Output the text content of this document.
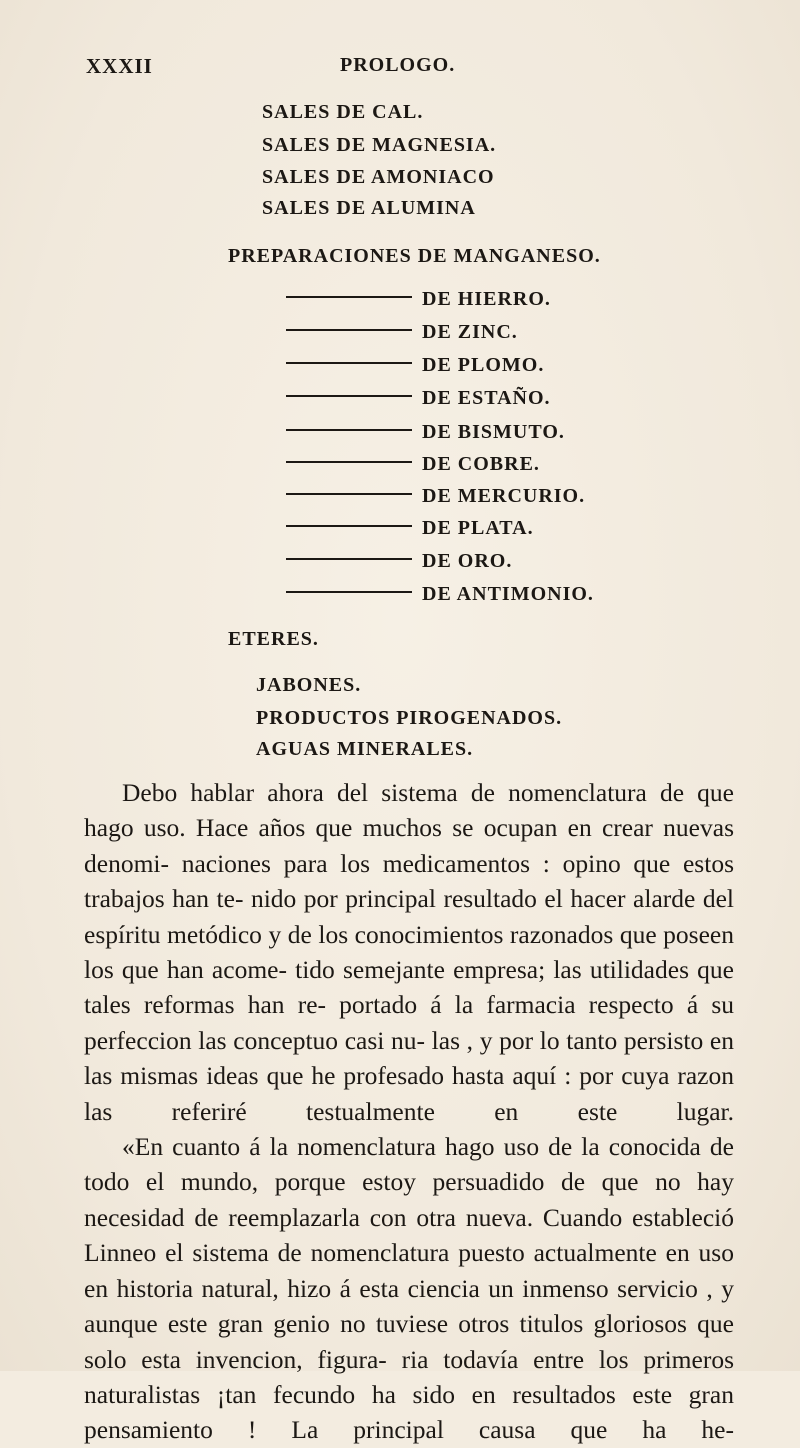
XXXII	PROLOGO.
SALES DE CAL.
SALES DE MAGNESIA.
SALES DE AMONIACO
SALES DE ALUMINA
PREPARACIONES DE MANGANESO.
DE HIERRO.
DE ZINC.
DE PLOMO.
DE ESTAÑO.
DE BISMUTO.
DE COBRE.
DE MERCURIO.
DE PLATA.
DE ORO.
DE ANTIMONIO.
ETERES.
JABONES.
PRODUCTOS PIROGENADOS.
AGUAS MINERALES.

Debo hablar ahora del sistema de nomenclatura de que hago uso. Hace años que muchos se ocupan en crear nuevas denomi- naciones para los medicamentos : opino que estos trabajos han te- nido por principal resultado el hacer alarde del espíritu metódico y de los conocimientos razonados que poseen los que han acome- tido semejante empresa; las utilidades que tales reformas han re- portado á la farmacia respecto á su perfeccion las conceptuo casi nu- las , y por lo tanto persisto en las mismas ideas que he profesado hasta aquí : por cuya razon las referiré testualmente en este lugar.

«En cuanto á la nomenclatura hago uso de la conocida de todo el mundo, porque estoy persuadido de que no hay necesidad de reemplazarla con otra nueva. Cuando estableció Linneo el sistema de nomenclatura puesto actualmente en uso en historia natural, hizo á esta ciencia un inmenso servicio , y aunque este gran genio no tuviese otros titulos gloriosos que solo esta invencion, figura- ria todavía entre los primeros naturalistas ¡tan fecundo ha sido en resultados este gran pensamiento ! La principal causa que ha he-
